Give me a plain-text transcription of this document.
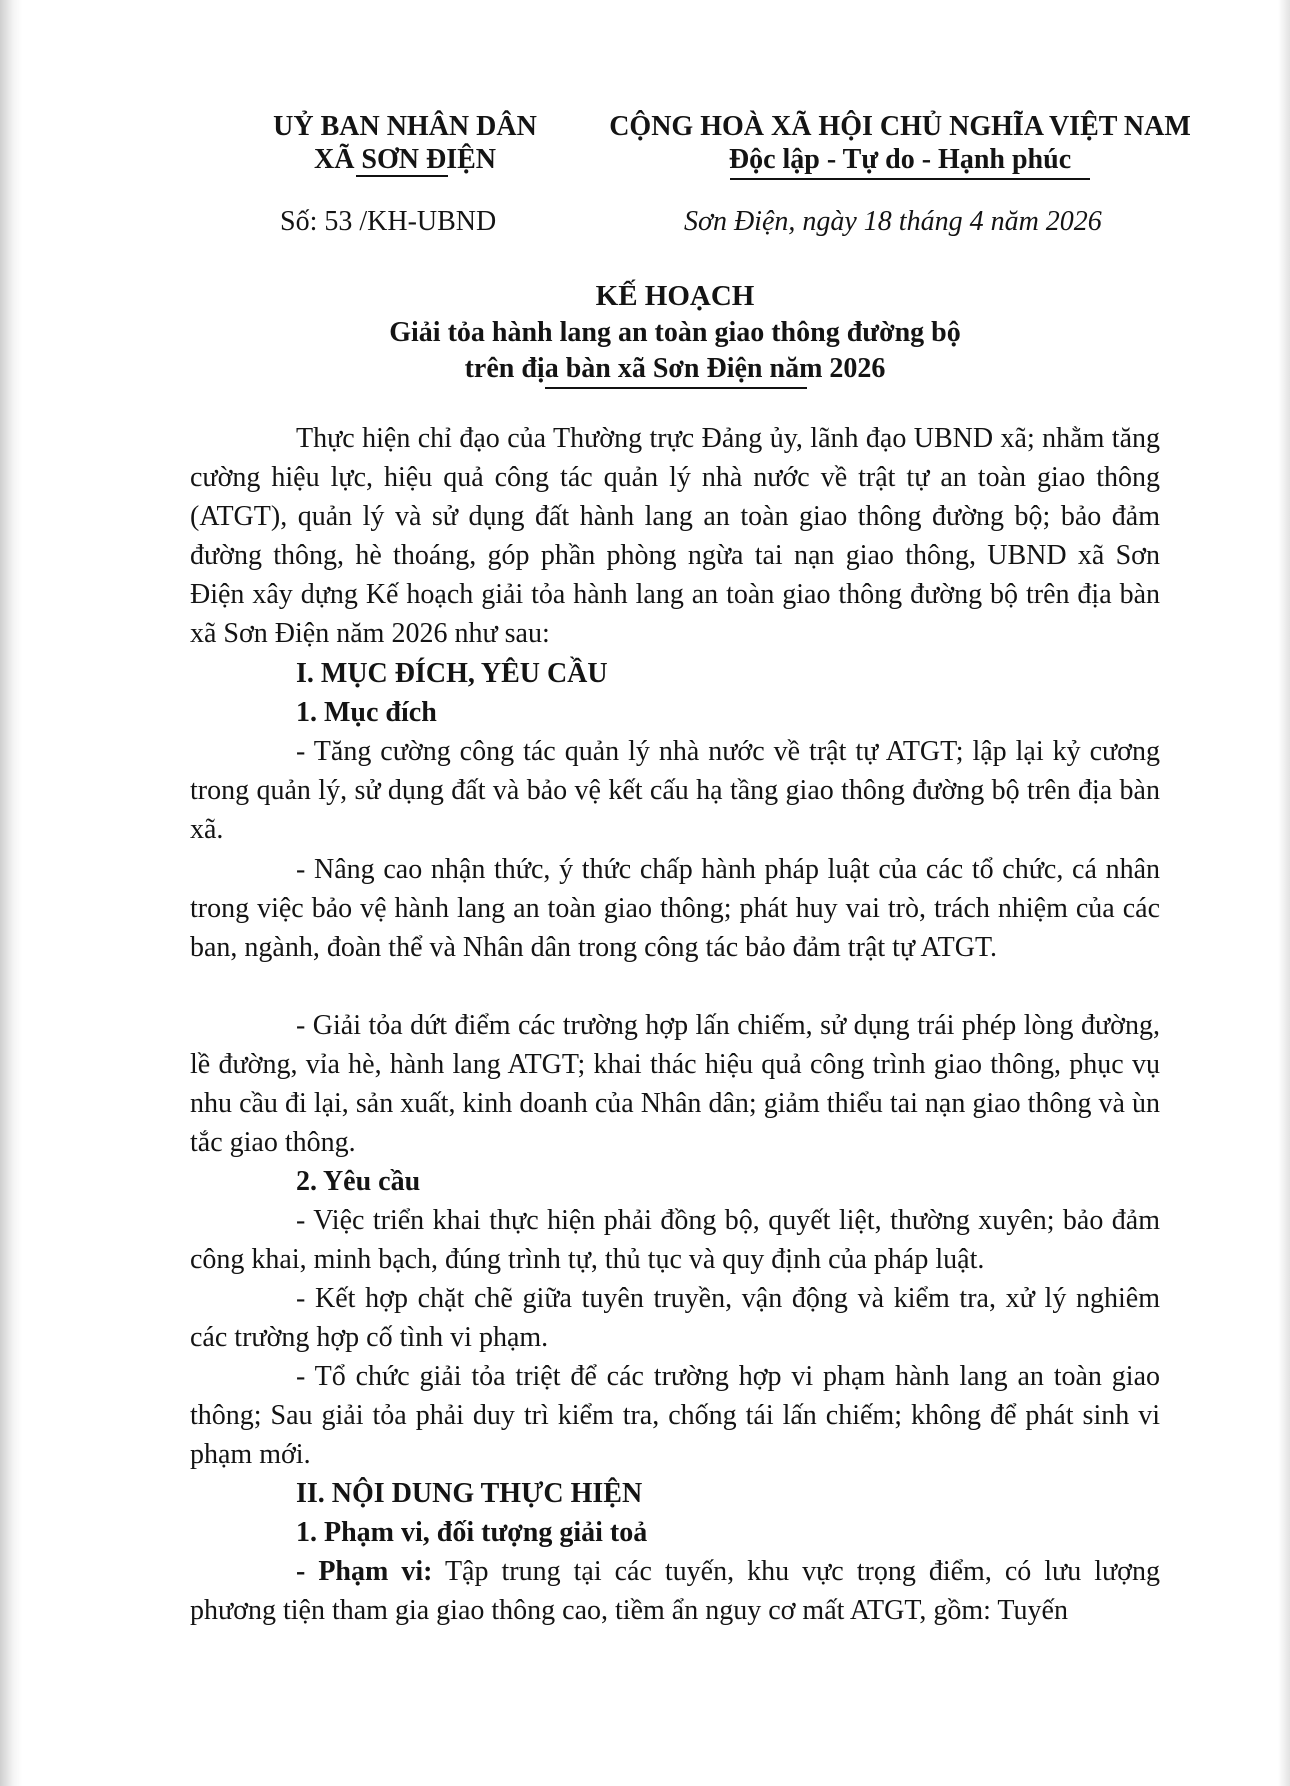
UỶ BAN NHÂN DÂN
XÃ SƠN ĐIỆN
CỘNG HOÀ XÃ HỘI CHỦ NGHĨA VIỆT NAM
Độc lập - Tự do - Hạnh phúc
Số: 53 /KH-UBND	Sơn Điện, ngày 18 tháng 4 năm 2026
KẾ HOẠCH
Giải tỏa hành lang an toàn giao thông đường bộ
trên địa bàn xã Sơn Điện năm 2026
Thực hiện chỉ đạo của Thường trực Đảng ủy, lãnh đạo UBND xã; nhằm tăng cường hiệu lực, hiệu quả công tác quản lý nhà nước về trật tự an toàn giao thông (ATGT), quản lý và sử dụng đất hành lang an toàn giao thông đường bộ; bảo đảm đường thông, hè thoáng, góp phần phòng ngừa tai nạn giao thông, UBND xã Sơn Điện xây dựng Kế hoạch giải tỏa hành lang an toàn giao thông đường bộ trên địa bàn xã Sơn Điện năm 2026 như sau:
I. MỤC ĐÍCH, YÊU CẦU
1. Mục đích
- Tăng cường công tác quản lý nhà nước về trật tự ATGT; lập lại kỷ cương trong quản lý, sử dụng đất và bảo vệ kết cấu hạ tầng giao thông đường bộ trên địa bàn xã.
- Nâng cao nhận thức, ý thức chấp hành pháp luật của các tổ chức, cá nhân trong việc bảo vệ hành lang an toàn giao thông; phát huy vai trò, trách nhiệm của các ban, ngành, đoàn thể và Nhân dân trong công tác bảo đảm trật tự ATGT.
- Giải tỏa dứt điểm các trường hợp lấn chiếm, sử dụng trái phép lòng đường, lề đường, vỉa hè, hành lang ATGT; khai thác hiệu quả công trình giao thông, phục vụ nhu cầu đi lại, sản xuất, kinh doanh của Nhân dân; giảm thiểu tai nạn giao thông và ùn tắc giao thông.
2. Yêu cầu
- Việc triển khai thực hiện phải đồng bộ, quyết liệt, thường xuyên; bảo đảm công khai, minh bạch, đúng trình tự, thủ tục và quy định của pháp luật.
- Kết hợp chặt chẽ giữa tuyên truyền, vận động và kiểm tra, xử lý nghiêm các trường hợp cố tình vi phạm.
- Tổ chức giải tỏa triệt để các trường hợp vi phạm hành lang an toàn giao thông; Sau giải tỏa phải duy trì kiểm tra, chống tái lấn chiếm; không để phát sinh vi phạm mới.
II. NỘI DUNG THỰC HIỆN
1. Phạm vi, đối tượng giải toả
- Phạm vi: Tập trung tại các tuyến, khu vực trọng điểm, có lưu lượng phương tiện tham gia giao thông cao, tiềm ẩn nguy cơ mất ATGT, gồm: Tuyến
